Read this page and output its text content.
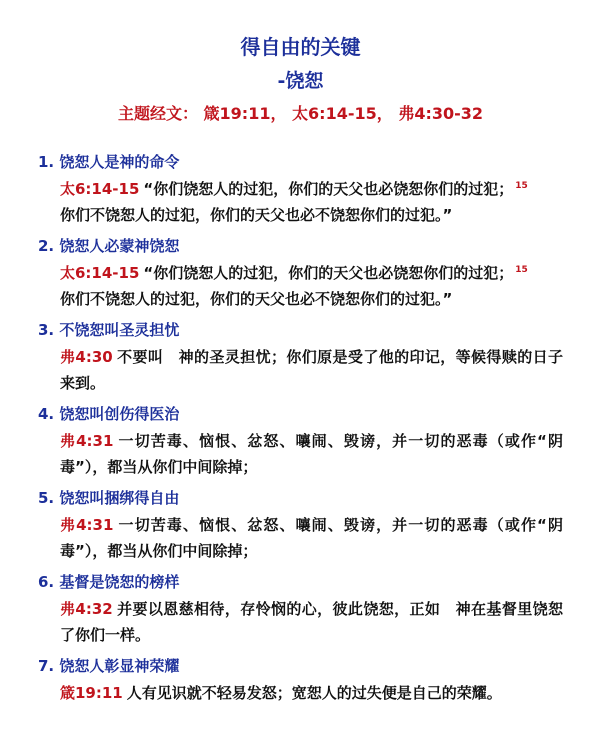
得自由的关键
-饶恕
主题经文： 箴19:11， 太6:14-15， 弗4:30-32
1. 饶恕人是神的命令
太6:14-15 “你们饶恕人的过犯，你们的天父也必饶恕你们的过犯； $^{15}$
你们不饶恕人的过犯，你们的天父也必不饶恕你们的过犯。”
2. 饶恕人必蒙神饶恕
太6:14-15 “你们饶恕人的过犯，你们的天父也必饶恕你们的过犯； $^{15}$
你们不饶恕人的过犯，你们的天父也必不饶恕你们的过犯。”
3. 不饶恕叫圣灵担忧
弗4:30 不要叫　神的圣灵担忧；你们原是受了他的印记，等候得赎的日子来到。
4. 饶恕叫创伤得医治
弗4:31 一切苦毒、恼恨、忿怒、嚷闹、毁谤，并一切的恶毒（或作“阴毒”），都当从你们中间除掉；
5. 饶恕叫捆绑得自由
弗4:31 一切苦毒、恼恨、忿怒、嚷闹、毁谤，并一切的恶毒（或作“阴毒”），都当从你们中间除掉；
6. 基督是饶恕的榜样
弗4:32 并要以恩慈相待，存怜悯的心，彼此饶恕，正如　神在基督里饶恕了你们一样。
7. 饶恕人彰显神荣耀
箴19:11 人有见识就不轻易发怒；宽恕人的过失便是自己的荣耀。
